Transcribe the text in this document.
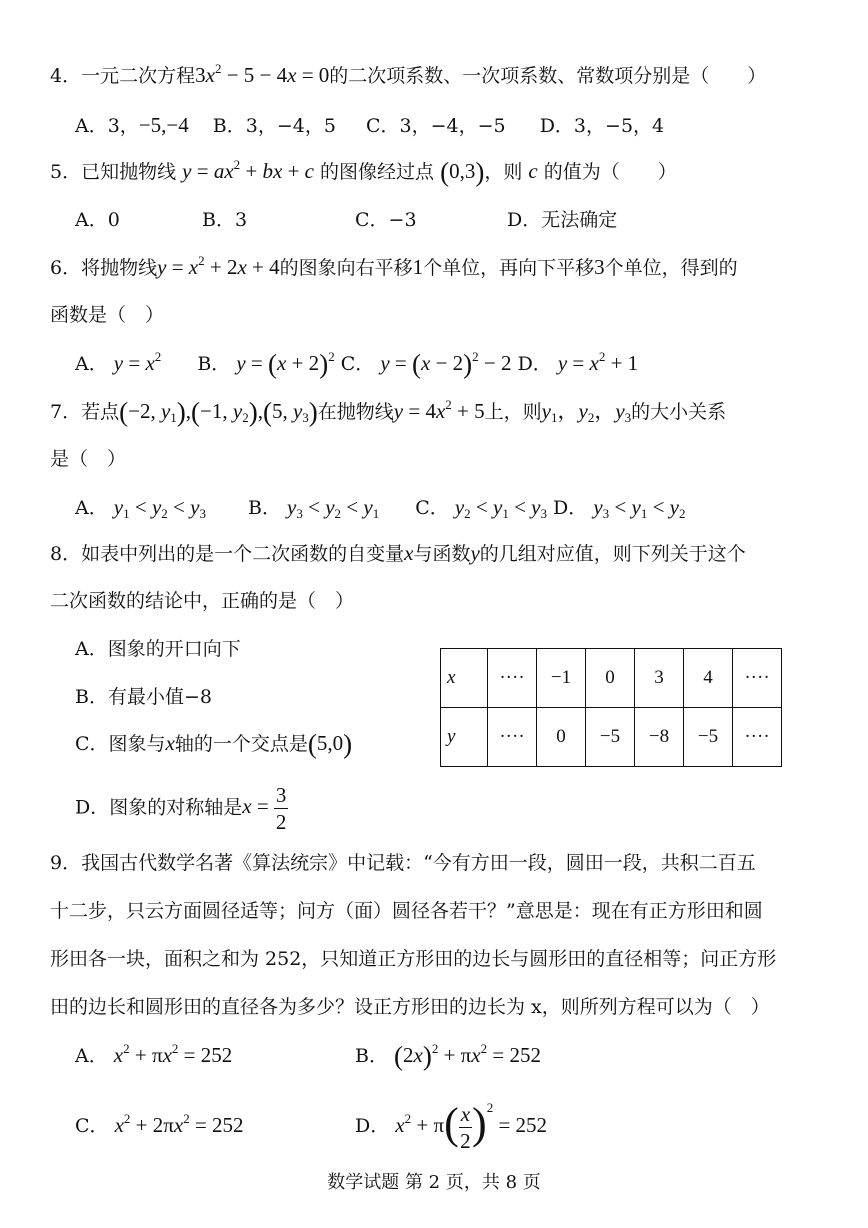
4．一元二次方程$3x^2 - 5 - 4x = 0$的二次项系数、一次项系数、常数项分别是（　　）
A．3，−5,−4 B．3，−4，5 C．3，−4，−5 D．3，−5，4
5．已知抛物线 $y = ax^2$ + bx + c 的图像经过点 (0,3)，则 c 的值为（　　）
A．0	B．3	C．−3	D．无法确定
6．将抛物线$y = x^2 + 2x + 4$的图象向右平移1个单位，再向下平移3个单位，得到的
函数是（　）
A． $y = x^2$ B． $y = (x + 2)^2$ C． $y = (x - 2)^2 - 2$ D． $y = x^2 + 1$
7．若点(−2, $y_1),(-1$, $y_2),(5$, $y_3$)在抛物线$y = 4x^2 + 5$上，则$y_1$，$y_2$，$y_3$的大小关系
是（　）
A． $y_1 < y_2 < y_3$ B． $y_3 < y_2 < y_1$ C． $y_2 < y_1 < y_3$ D． $y_3 < y_1 < y_2$
8．如表中列出的是一个二次函数的自变量x与函数y的几组对应值，则下列关于这个
二次函数的结论中，正确的是（　）
A．图象的开口向下
B．有最小值−8
C．图象与x轴的一个交点是(5,0)
D．图象的对称轴是$x = \frac{3}{2}$
x	····	−1	0	3	4	····
y	····	0	−5	−8	−5	····
9．我国古代数学名著《算法统宗》中记载：“今有方田一段，圆田一段，共积二百五
十二步，只云方面圆径适等；问方（面）圆径各若干？”意思是：现在有正方形田和圆
形田各一块，面积之和为 252，只知道正方形田的边长与圆形田的直径相等；问正方形
田的边长和圆形田的直径各为多少？设正方形田的边长为 x，则所列方程可以为（　）
A． $x^2 + \pi x^2 = 252$	B． $(2x)^2 + \pi x^2 = 252$
C． $x^2 + 2\pi x^2 = 252$	D． $x^2 + \pi( \frac{x}{2} )^2 = 252$
数学试题 第 2 页，共 8 页
